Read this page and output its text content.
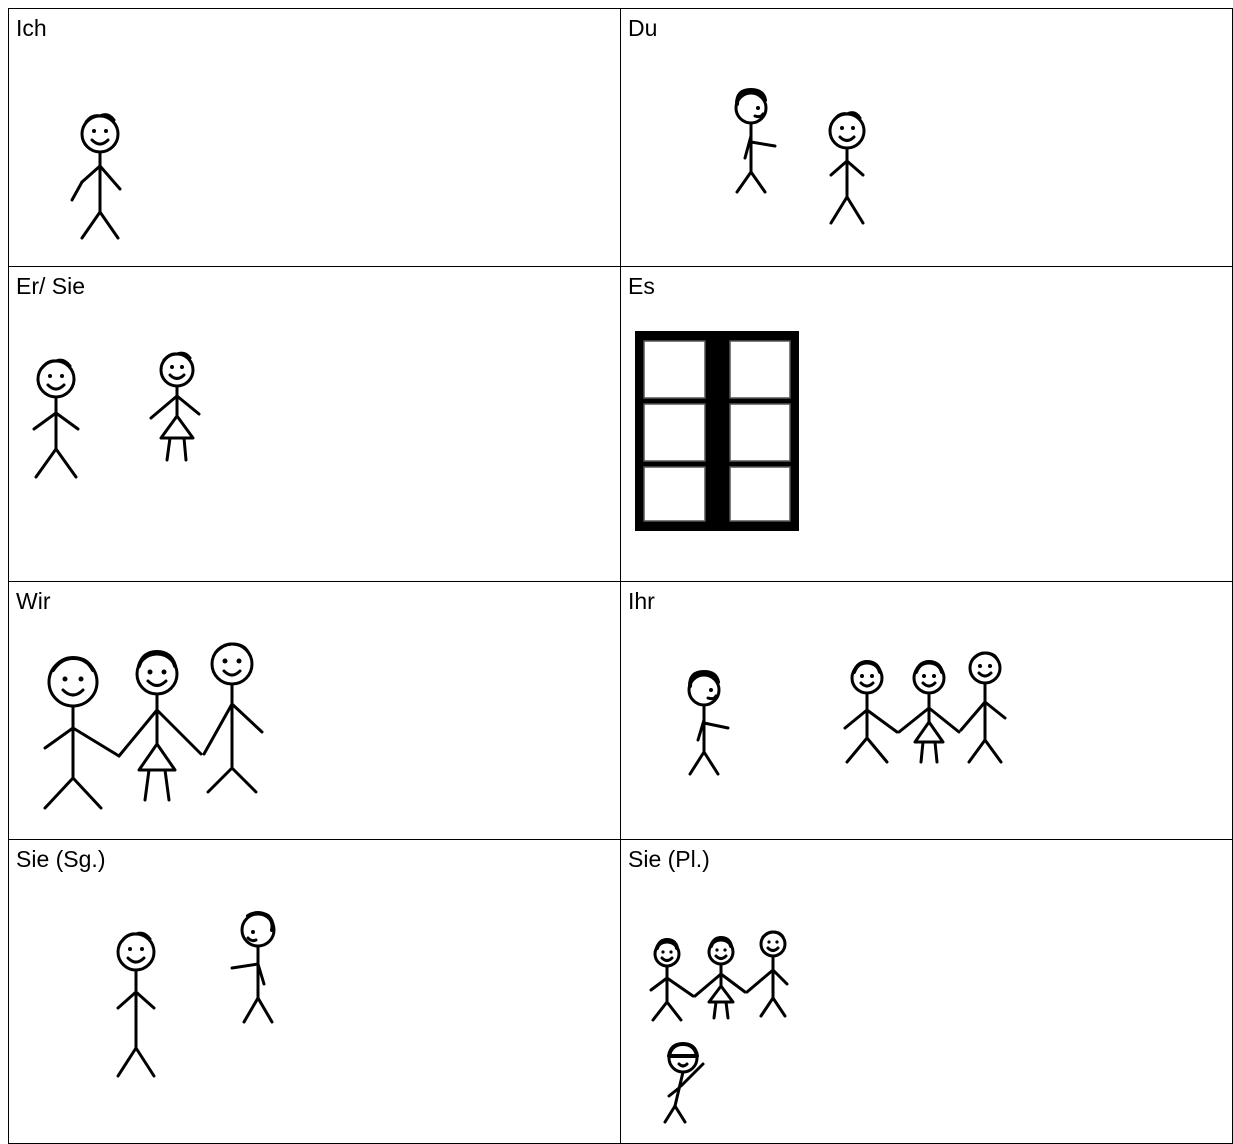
Ich	Du

Er/ Sie	Es

Wir	Ihr

Sie (Sg.)	Sie (Pl.)
